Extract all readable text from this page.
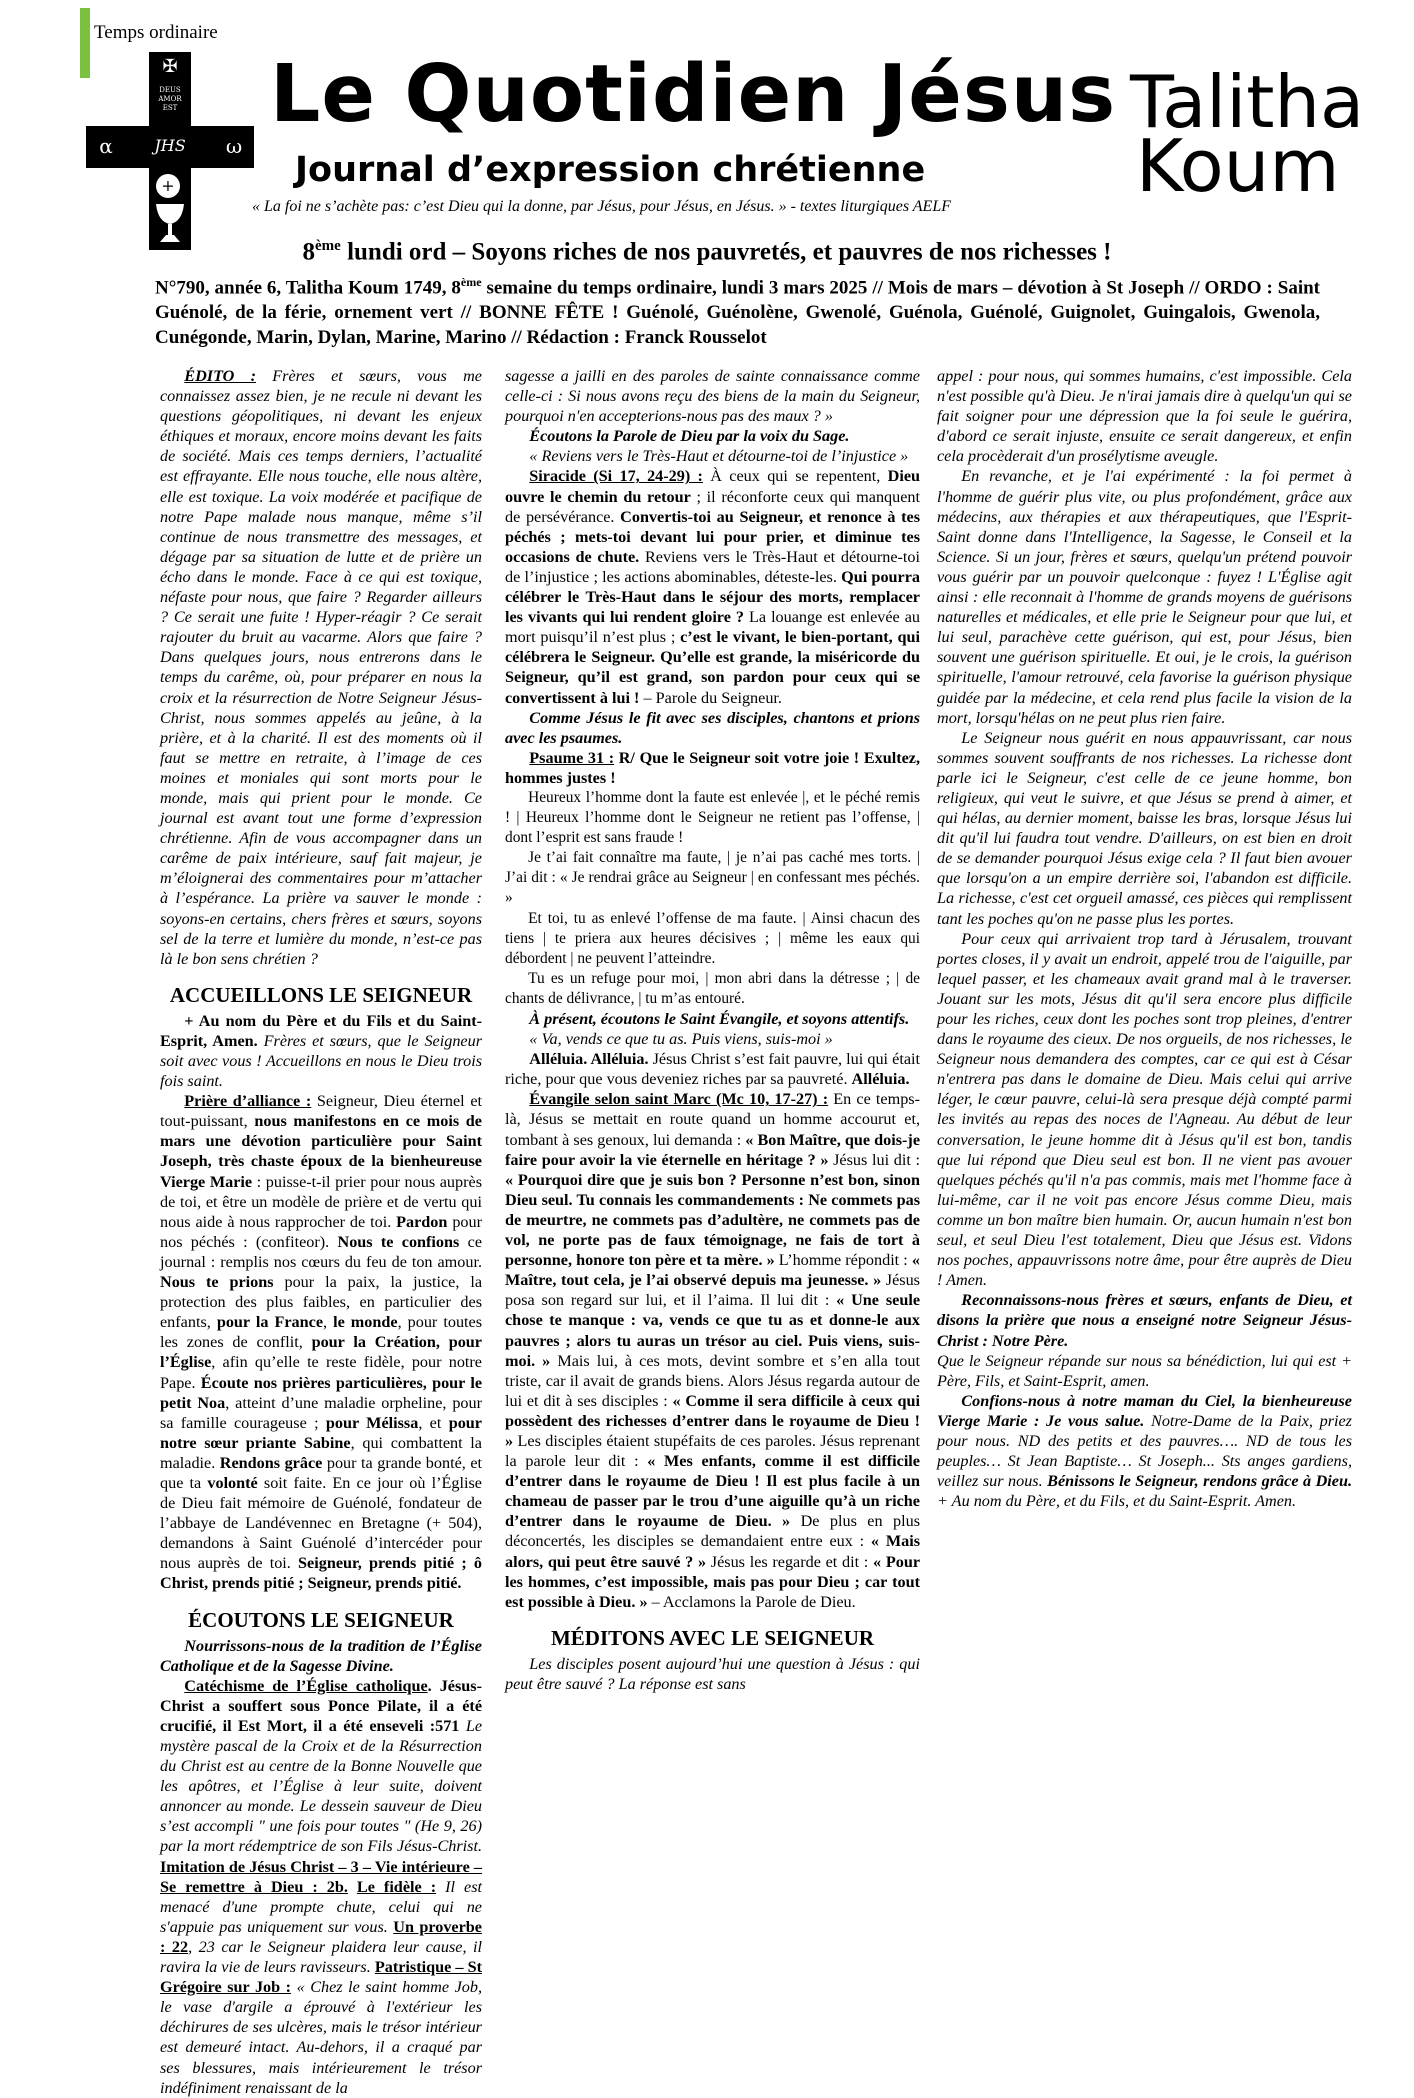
Temps ordinaire
✠
DEUS AMOR EST
α	JHS ω
+
Le Quotidien Jésus
Journal d’expression chrétienne
« La foi ne s’achète pas: c’est Dieu qui la donne, par Jésus, pour Jésus, en Jésus. » - textes liturgiques AELF
Talitha
Koum
8ème lundi ord – Soyons riches de nos pauvretés, et pauvres de nos richesses !
N°790, année 6, Talitha Koum 1749, 8ème semaine du temps ordinaire, lundi 3 mars 2025 // Mois de mars – dévotion à St Joseph // ORDO : Saint Guénolé, de la férie, ornement vert // BONNE FÊTE ! Guénolé, Guénolène, Gwenolé, Guénola, Guénolé, Guignolet, Guingalois, Gwenola, Cunégonde, Marin, Dylan, Marine, Marino // Rédaction : Franck Rousselot

ÉDITO : Frères et sœurs, vous me connaissez assez bien, je ne recule ni devant les questions géopolitiques, ni devant les enjeux éthiques et moraux, encore moins devant les faits de société. Mais ces temps derniers, l’actualité est effrayante. Elle nous touche, elle nous altère, elle est toxique. La voix modérée et pacifique de notre Pape malade nous manque, même s’il continue de nous transmettre des messages, et dégage par sa situation de lutte et de prière un écho dans le monde. Face à ce qui est toxique, néfaste pour nous, que faire ? Regarder ailleurs ? Ce serait une fuite ! Hyper-réagir ? Ce serait rajouter du bruit au vacarme. Alors que faire ? Dans quelques jours, nous entrerons dans le temps du carême, où, pour préparer en nous la croix et la résurrection de Notre Seigneur Jésus-Christ, nous sommes appelés au jeûne, à la prière, et à la charité. Il est des moments où il faut se mettre en retraite, à l’image de ces moines et moniales qui sont morts pour le monde, mais qui prient pour le monde. Ce journal est avant tout une forme d’expression chrétienne. Afin de vous accompagner dans un carême de paix intérieure, sauf fait majeur, je m’éloignerai des commentaires pour m’attacher à l’espérance. La prière va sauver le monde : soyons-en certains, chers frères et sœurs, soyons sel de la terre et lumière du monde, n’est-ce pas là le bon sens chrétien ?

ACCUEILLONS LE SEIGNEUR

+ Au nom du Père et du Fils et du Saint-Esprit, Amen. Frères et sœurs, que le Seigneur soit avec vous ! Accueillons en nous le Dieu trois fois saint.

Prière d’alliance : Seigneur, Dieu éternel et tout-puissant, nous manifestons en ce mois de mars une dévotion particulière pour Saint Joseph, très chaste époux de la bienheureuse Vierge Marie : puisse-t-il prier pour nous auprès de toi, et être un modèle de prière et de vertu qui nous aide à nous rapprocher de toi. Pardon pour nos péchés : (confiteor). Nous te confions ce journal : remplis nos cœurs du feu de ton amour. Nous te prions pour la paix, la justice, la protection des plus faibles, en particulier des enfants, pour la France, le monde, pour toutes les zones de conflit, pour la Création, pour l’Église, afin qu’elle te reste fidèle, pour notre Pape. Écoute nos prières particulières, pour le petit Noa, atteint d’une maladie orpheline, pour sa famille courageuse ; pour Mélissa, et pour notre sœur priante Sabine, qui combattent la maladie. Rendons grâce pour ta grande bonté, et que ta volonté soit faite. En ce jour où l’Église de Dieu fait mémoire de Guénolé, fondateur de l’abbaye de Landévennec en Bretagne (+ 504), demandons à Saint Guénolé d’intercéder pour nous auprès de toi. Seigneur, prends pitié ; ô Christ, prends pitié ; Seigneur, prends pitié.

ÉCOUTONS LE SEIGNEUR

Nourrissons-nous de la tradition de l’Église Catholique et de la Sagesse Divine.

Catéchisme de l’Église catholique. Jésus-Christ a souffert sous Ponce Pilate, il a été crucifié, il Est Mort, il a été enseveli :571 Le mystère pascal de la Croix et de la Résurrection du Christ est au centre de la Bonne Nouvelle que les apôtres, et l’Église à leur suite, doivent annoncer au monde. Le dessein sauveur de Dieu s’est accompli " une fois pour toutes " (He 9, 26) par la mort rédemptrice de son Fils Jésus-Christ. Imitation de Jésus Christ – 3 – Vie intérieure – Se remettre à Dieu : 2b. Le fidèle : Il est menacé d'une prompte chute, celui qui ne s'appuie pas uniquement sur vous. Un proverbe : 22, 23 car le Seigneur plaidera leur cause, il ravira la vie de leurs ravisseurs. Patristique – St Grégoire sur Job : « Chez le saint homme Job, le vase d'argile a éprouvé à l'extérieur les déchirures de ses ulcères, mais le trésor intérieur est demeuré intact. Au-dehors, il a craqué par ses blessures, mais intérieurement le trésor indéfiniment renaissant de la

sagesse a jailli en des paroles de sainte connaissance comme celle-ci : Si nous avons reçu des biens de la main du Seigneur, pourquoi n'en accepterions-nous pas des maux ? »

Écoutons la Parole de Dieu par la voix du Sage.

« Reviens vers le Très-Haut et détourne-toi de l’injustice »

Siracide (Si 17, 24-29) : À ceux qui se repentent, Dieu ouvre le chemin du retour ; il réconforte ceux qui manquent de persévérance. Convertis-toi au Seigneur, et renonce à tes péchés ; mets-toi devant lui pour prier, et diminue tes occasions de chute. Reviens vers le Très-Haut et détourne-toi de l’injustice ; les actions abominables, déteste-les. Qui pourra célébrer le Très-Haut dans le séjour des morts, remplacer les vivants qui lui rendent gloire ? La louange est enlevée au mort puisqu’il n’est plus ; c’est le vivant, le bien-portant, qui célébrera le Seigneur. Qu’elle est grande, la miséricorde du Seigneur, qu’il est grand, son pardon pour ceux qui se convertissent à lui ! – Parole du Seigneur.

Comme Jésus le fit avec ses disciples, chantons et prions avec les psaumes.

Psaume 31 : R/ Que le Seigneur soit votre joie ! Exultez, hommes justes !

Heureux l’homme dont la faute est enlevée |, et le péché remis ! | Heureux l’homme dont le Seigneur ne retient pas l’offense, | dont l’esprit est sans fraude !

Je t’ai fait connaître ma faute, | je n’ai pas caché mes torts. | J’ai dit : « Je rendrai grâce au Seigneur | en confessant mes péchés. »

Et toi, tu as enlevé l’offense de ma faute. | Ainsi chacun des tiens | te priera aux heures décisives ; | même les eaux qui débordent | ne peuvent l’atteindre.

Tu es un refuge pour moi, | mon abri dans la détresse ; | de chants de délivrance, | tu m’as entouré.

À présent, écoutons le Saint Évangile, et soyons attentifs.

« Va, vends ce que tu as. Puis viens, suis-moi »

Alléluia. Alléluia. Jésus Christ s’est fait pauvre, lui qui était riche, pour que vous deveniez riches par sa pauvreté. Alléluia.

Évangile selon saint Marc (Mc 10, 17-27) : En ce temps-là, Jésus se mettait en route quand un homme accourut et, tombant à ses genoux, lui demanda : « Bon Maître, que dois-je faire pour avoir la vie éternelle en héritage ? » Jésus lui dit : « Pourquoi dire que je suis bon ? Personne n’est bon, sinon Dieu seul. Tu connais les commandements : Ne commets pas de meurtre, ne commets pas d’adultère, ne commets pas de vol, ne porte pas de faux témoignage, ne fais de tort à personne, honore ton père et ta mère. » L’homme répondit : « Maître, tout cela, je l’ai observé depuis ma jeunesse. » Jésus posa son regard sur lui, et il l’aima. Il lui dit : « Une seule chose te manque : va, vends ce que tu as et donne-le aux pauvres ; alors tu auras un trésor au ciel. Puis viens, suis-moi. » Mais lui, à ces mots, devint sombre et s’en alla tout triste, car il avait de grands biens. Alors Jésus regarda autour de lui et dit à ses disciples : « Comme il sera difficile à ceux qui possèdent des richesses d’entrer dans le royaume de Dieu ! » Les disciples étaient stupéfaits de ces paroles. Jésus reprenant la parole leur dit : « Mes enfants, comme il est difficile d’entrer dans le royaume de Dieu ! Il est plus facile à un chameau de passer par le trou d’une aiguille qu’à un riche d’entrer dans le royaume de Dieu. » De plus en plus déconcertés, les disciples se demandaient entre eux : « Mais alors, qui peut être sauvé ? » Jésus les regarde et dit : « Pour les hommes, c’est impossible, mais pas pour Dieu ; car tout est possible à Dieu. » – Acclamons la Parole de Dieu.

MÉDITONS AVEC LE SEIGNEUR

Les disciples posent aujourd’hui une question à Jésus : qui peut être sauvé ? La réponse est sans

appel : pour nous, qui sommes humains, c'est impossible. Cela n'est possible qu'à Dieu. Je n'irai jamais dire à quelqu'un qui se fait soigner pour une dépression que la foi seule le guérira, d'abord ce serait injuste, ensuite ce serait dangereux, et enfin cela procèderait d'un prosélytisme aveugle.

En revanche, et je l'ai expérimenté : la foi permet à l'homme de guérir plus vite, ou plus profondément, grâce aux médecins, aux thérapies et aux thérapeutiques, que l'Esprit-Saint donne dans l'Intelligence, la Sagesse, le Conseil et la Science. Si un jour, frères et sœurs, quelqu'un prétend pouvoir vous guérir par un pouvoir quelconque : fuyez ! L'Église agit ainsi : elle reconnait à l'homme de grands moyens de guérisons naturelles et médicales, et elle prie le Seigneur pour que lui, et lui seul, parachève cette guérison, qui est, pour Jésus, bien souvent une guérison spirituelle. Et oui, je le crois, la guérison spirituelle, l'amour retrouvé, cela favorise la guérison physique guidée par la médecine, et cela rend plus facile la vision de la mort, lorsqu'hélas on ne peut plus rien faire.

Le Seigneur nous guérit en nous appauvrissant, car nous sommes souvent souffrants de nos richesses. La richesse dont parle ici le Seigneur, c'est celle de ce jeune homme, bon religieux, qui veut le suivre, et que Jésus se prend à aimer, et qui hélas, au dernier moment, baisse les bras, lorsque Jésus lui dit qu'il lui faudra tout vendre. D'ailleurs, on est bien en droit de se demander pourquoi Jésus exige cela ? Il faut bien avouer que lorsqu'on a un empire derrière soi, l'abandon est difficile. La richesse, c'est cet orgueil amassé, ces pièces qui remplissent tant les poches qu'on ne passe plus les portes.

Pour ceux qui arrivaient trop tard à Jérusalem, trouvant portes closes, il y avait un endroit, appelé trou de l'aiguille, par lequel passer, et les chameaux avait grand mal à le traverser. Jouant sur les mots, Jésus dit qu'il sera encore plus difficile pour les riches, ceux dont les poches sont trop pleines, d'entrer dans le royaume des cieux. De nos orgueils, de nos richesses, le Seigneur nous demandera des comptes, car ce qui est à César n'entrera pas dans le domaine de Dieu. Mais celui qui arrive léger, le cœur pauvre, celui-là sera presque déjà compté parmi les invités au repas des noces de l'Agneau. Au début de leur conversation, le jeune homme dit à Jésus qu'il est bon, tandis que lui répond que Dieu seul est bon. Il ne vient pas avouer quelques péchés qu'il n'a pas commis, mais met l'homme face à lui-même, car il ne voit pas encore Jésus comme Dieu, mais comme un bon maître bien humain. Or, aucun humain n'est bon seul, et seul Dieu l'est totalement, Dieu que Jésus est. Vidons nos poches, appauvrissons notre âme, pour être auprès de Dieu ! Amen.

Reconnaissons-nous frères et sœurs, enfants de Dieu, et disons la prière que nous a enseigné notre Seigneur Jésus-Christ : Notre Père.

Que le Seigneur répande sur nous sa bénédiction, lui qui est + Père, Fils, et Saint-Esprit, amen.

Confions-nous à notre maman du Ciel, la bienheureuse Vierge Marie : Je vous salue. Notre-Dame de la Paix, priez pour nous. ND des petits et des pauvres…. ND de tous les peuples… St Jean Baptiste… St Joseph... Sts anges gardiens, veillez sur nous. Bénissons le Seigneur, rendons grâce à Dieu. + Au nom du Père, et du Fils, et du Saint-Esprit. Amen.
